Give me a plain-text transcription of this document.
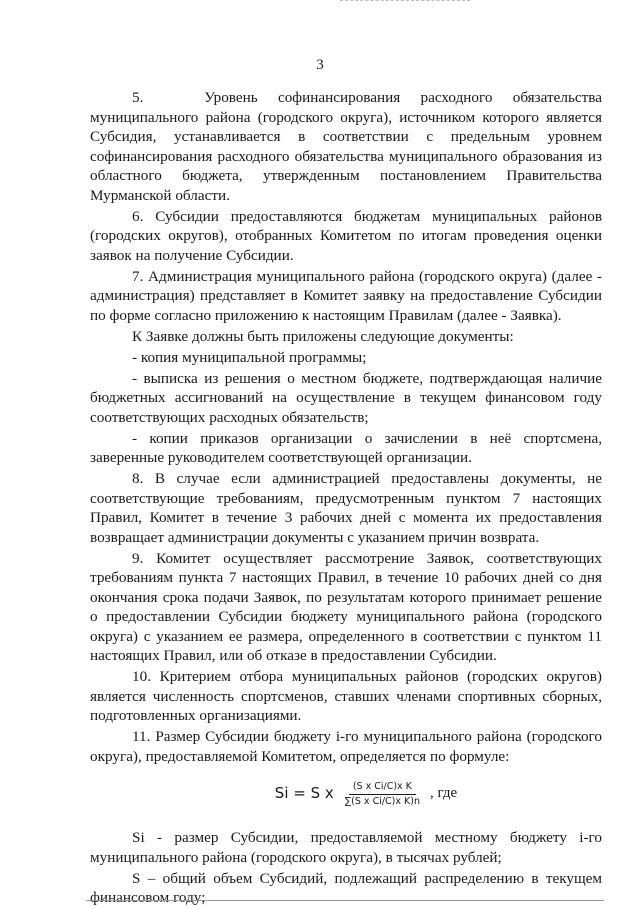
3

5.   Уровень софинансирования расходного обязательства муниципального района (городского округа), источником которого является Субсидия, устанавливается в соответствии с предельным уровнем софинансирования расходного обязательства муниципального образования из областного бюджета, утвержденным постановлением Правительства Мурманской области.

6. Субсидии предоставляются бюджетам муниципальных районов (городских округов), отобранных Комитетом по итогам проведения оценки заявок на получение Субсидии.

7. Администрация муниципального района (городского округа) (далее - администрация) представляет в Комитет заявку на предоставление Субсидии по форме согласно приложению к настоящим Правилам (далее - Заявка).

К Заявке должны быть приложены следующие документы:

- копия муниципальной программы;

- выписка из решения о местном бюджете, подтверждающая наличие бюджетных ассигнований на осуществление в текущем финансовом году соответствующих расходных обязательств;

- копии приказов организации о зачислении в неё спортсмена, заверенные руководителем соответствующей организации.

8. В случае если администрацией предоставлены документы, не соответствующие требованиям, предусмотренным пунктом 7 настоящих Правил, Комитет в течение 3 рабочих дней с момента их предоставления возвращает администрации документы с указанием причин возврата.

9. Комитет осуществляет рассмотрение Заявок, соответствующих требованиям пункта 7 настоящих Правил, в течение 10 рабочих дней со дня окончания срока подачи Заявок, по результатам которого принимает решение о предоставлении Субсидии бюджету муниципального района (городского округа) с указанием ее размера, определенного в соответствии с пунктом 11 настоящих Правил, или об отказе в предоставлении Субсидии.

10. Критерием отбора муниципальных районов (городских округов) является численность спортсменов, ставших членами спортивных сборных, подготовленных организациями.

11. Размер Субсидии бюджету i-го муниципального района (городского округа), предоставляемой Комитетом, определяется по формуле:

Si = S x $\frac{\text{(S x Ci/C)x K}}{\text{∑(S x Ci/C)x K)n}}$ , где

Si - размер Субсидии, предоставляемой местному бюджету i-го муниципального района (городского округа), в тысячах рублей;

S – общий объем Субсидий, подлежащий распределению в текущем финансовом году;
